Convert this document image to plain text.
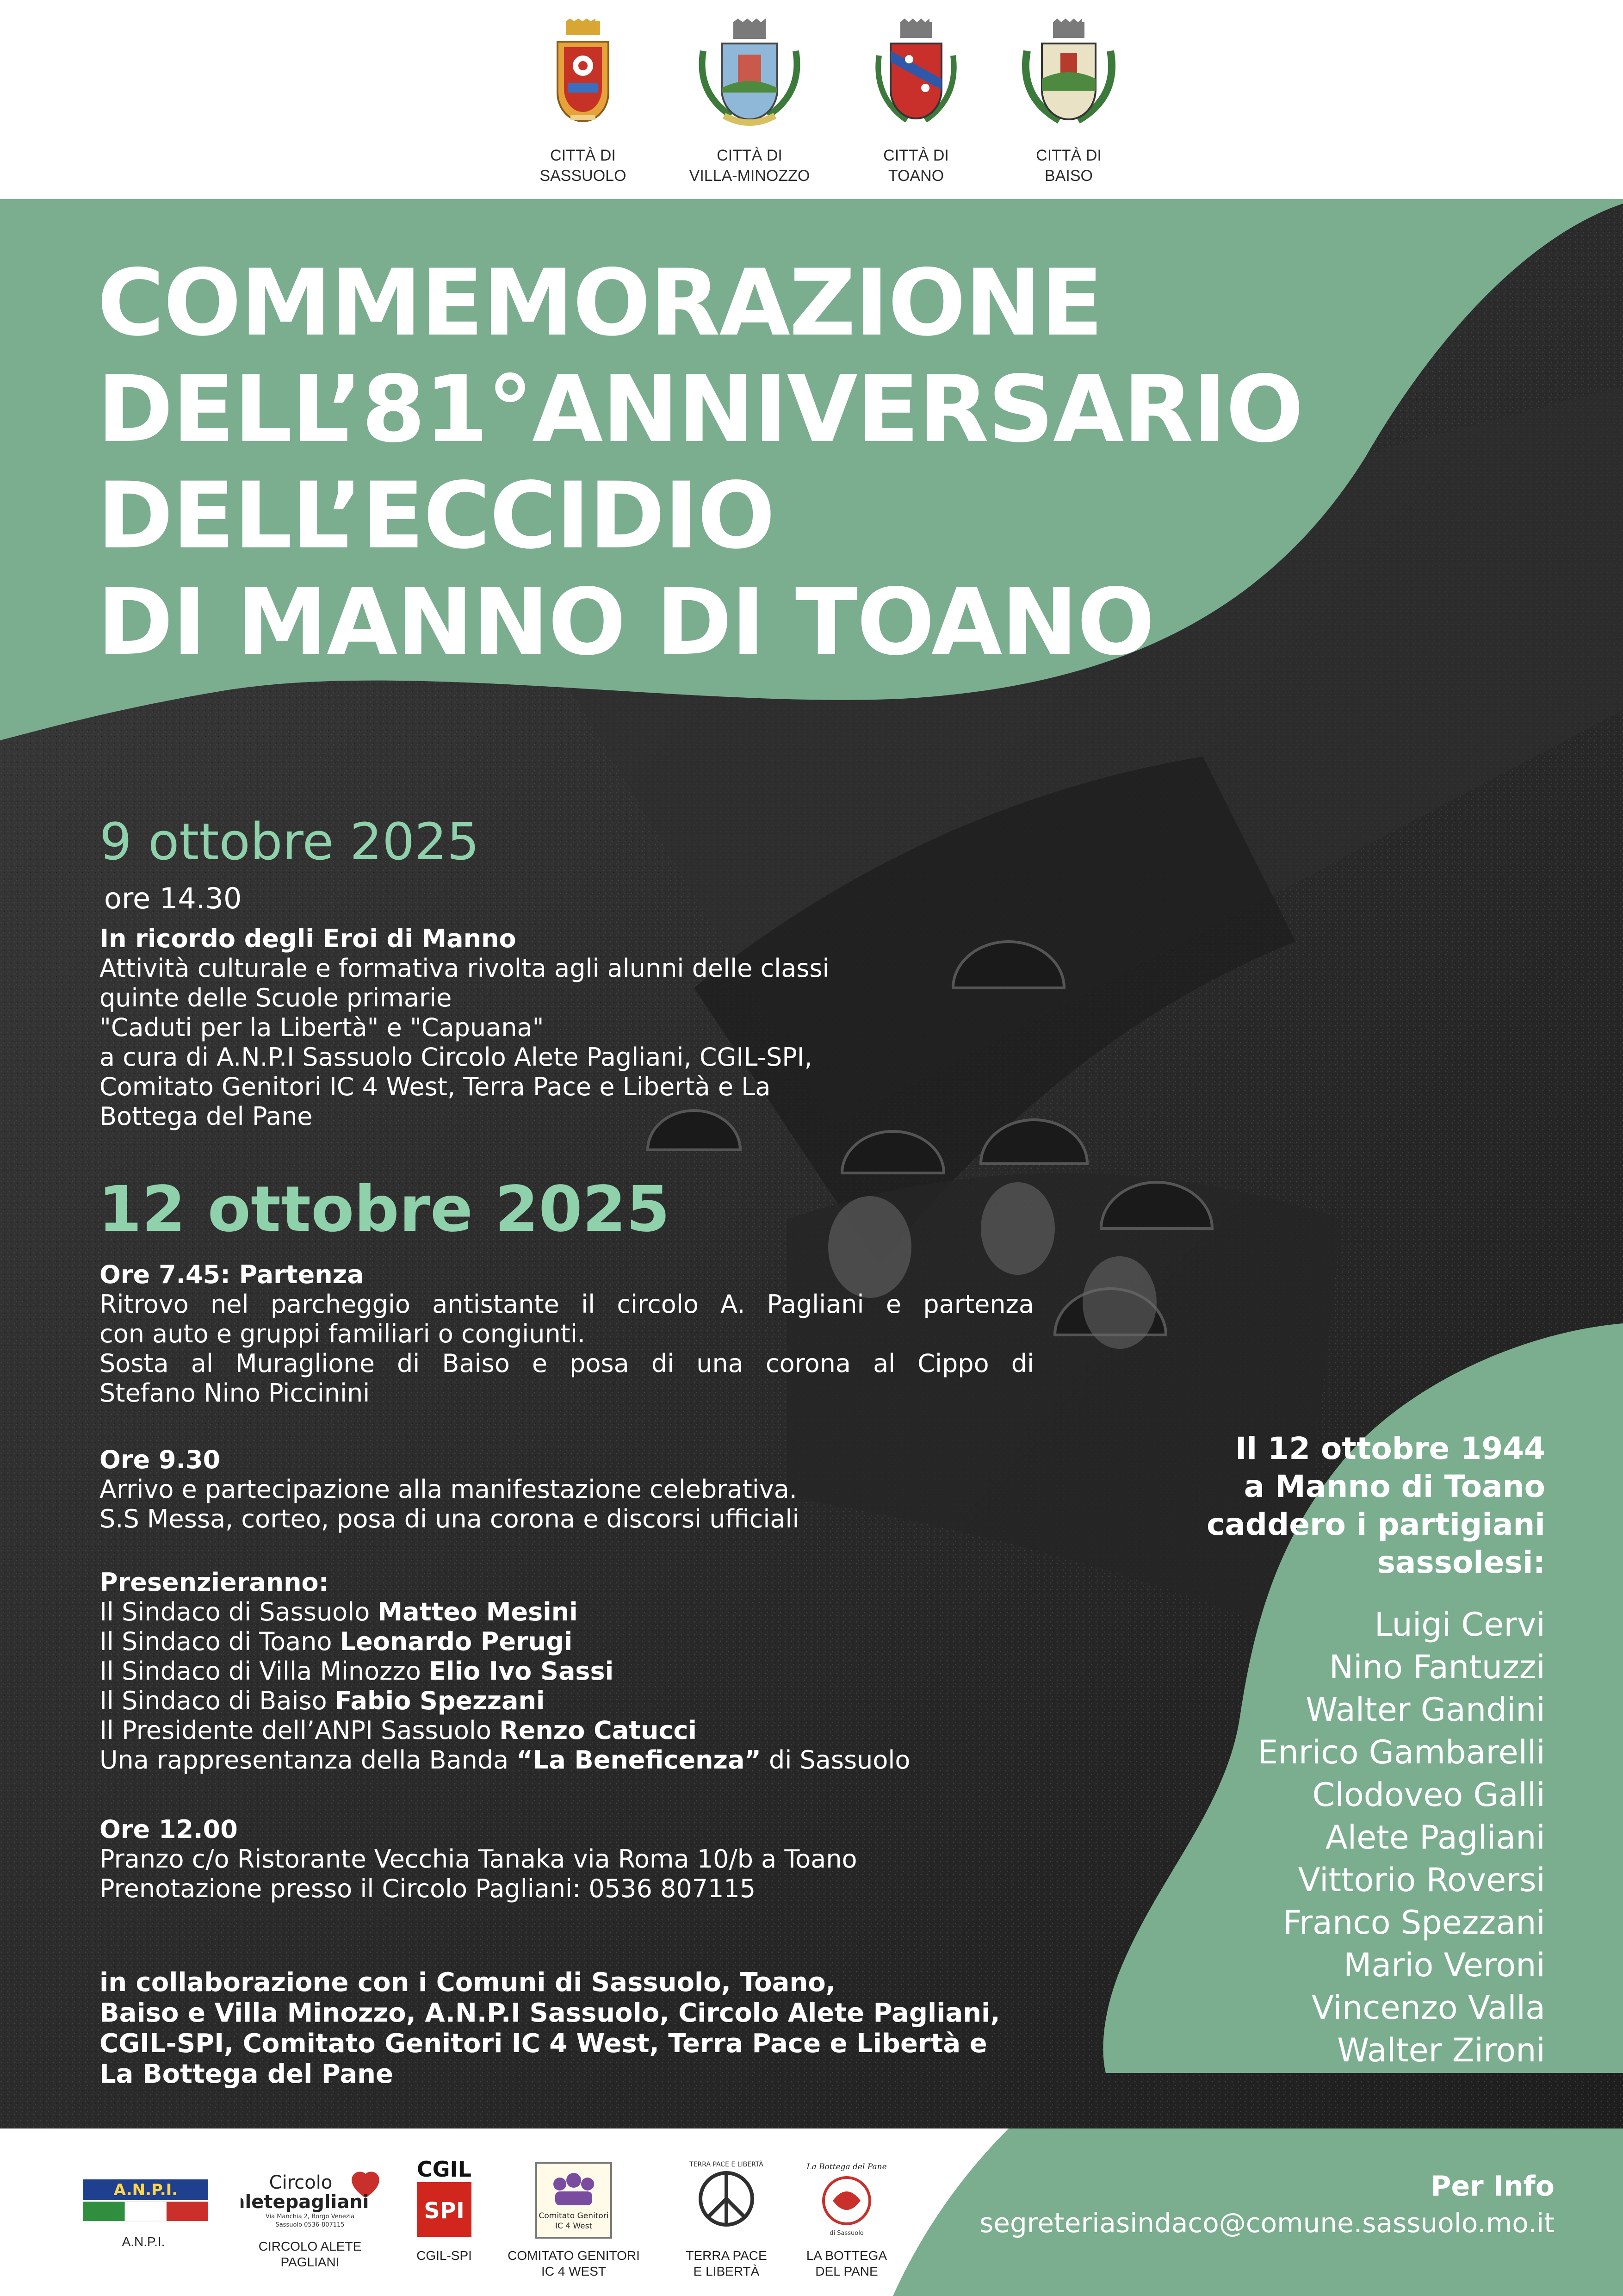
CITTÀ DI
SASSUOLO
CITTÀ DI
VILLA-MINOZZO
CITTÀ DI
TOANO
CITTÀ DI
BAISO
COMMEMORAZIONE
DELL’81°ANNIVERSARIO
DELL’ECCIDIO
DI MANNO DI TOANO

9 ottobre 2025

ore 14.30

In ricordo degli Eroi di Manno

Attività culturale e formativa rivolta agli alunni delle classi
quinte delle Scuole primarie
"Caduti per la Libertà" e "Capuana"
a cura di A.N.P.I Sassuolo Circolo Alete Pagliani, CGIL-SPI,
Comitato Genitori IC 4 West, Terra Pace e Libertà e La
Bottega del Pane

12 ottobre 2025

Ore 7.45: Partenza
Ritrovo nel parcheggio antistante il circolo A. Pagliani e partenza
con auto e gruppi familiari o congiunti.
Sosta al Muraglione di Baiso e posa di una corona al Cippo di
Stefano Nino Piccinini
Ore 9.30
Arrivo e partecipazione alla manifestazione celebrativa.
S.S Messa, corteo, posa di una corona e discorsi ufficiali
Presenzieranno:
Il Sindaco di Sassuolo Matteo Mesini
Il Sindaco di Toano Leonardo Perugi
Il Sindaco di Villa Minozzo Elio Ivo Sassi
Il Sindaco di Baiso Fabio Spezzani
Il Presidente dell’ANPI Sassuolo Renzo Catucci
Una rappresentanza della Banda “La Beneficenza” di Sassuolo
Ore 12.00
Pranzo c/o Ristorante Vecchia Tanaka via Roma 10/b a Toano
Prenotazione presso il Circolo Pagliani: 0536 807115
in collaborazione con i Comuni di Sassuolo, Toano,
Baiso e Villa Minozzo, A.N.P.I Sassuolo, Circolo Alete Pagliani,
CGIL-SPI, Comitato Genitori IC 4 West, Terra Pace e Libertà e
La Bottega del Pane

Il 12 ottobre 1944
a Manno di Toano
caddero i partigiani
sassolesi:

Luigi Cervi
Nino Fantuzzi
Walter Gandini
Enrico Gambarelli
Clodoveo Galli
Alete Pagliani
Vittorio Roversi
Franco Spezzani
Mario Veroni
Vincenzo Valla
Walter Zironi
A.N.P.I.
A.N.P.I.
Circolo
aletepagliani
Via Manchia 2, Borgo Venezia
Sassuolo 0536-807115
CIRCOLO ALETE
PAGLIANI
CGIL
SPI
CGIL-SPI
Comitato Genitori
IC 4 West
COMITATO GENITORI
IC 4 WEST
TERRA PACE E LIBERTÀ
TERRA PACE
E LIBERTÀ
La Bottega del Pane
di Sassuolo
LA BOTTEGA
DEL PANE

Per Info

segreteriasindaco@comune.sassuolo.mo.it
